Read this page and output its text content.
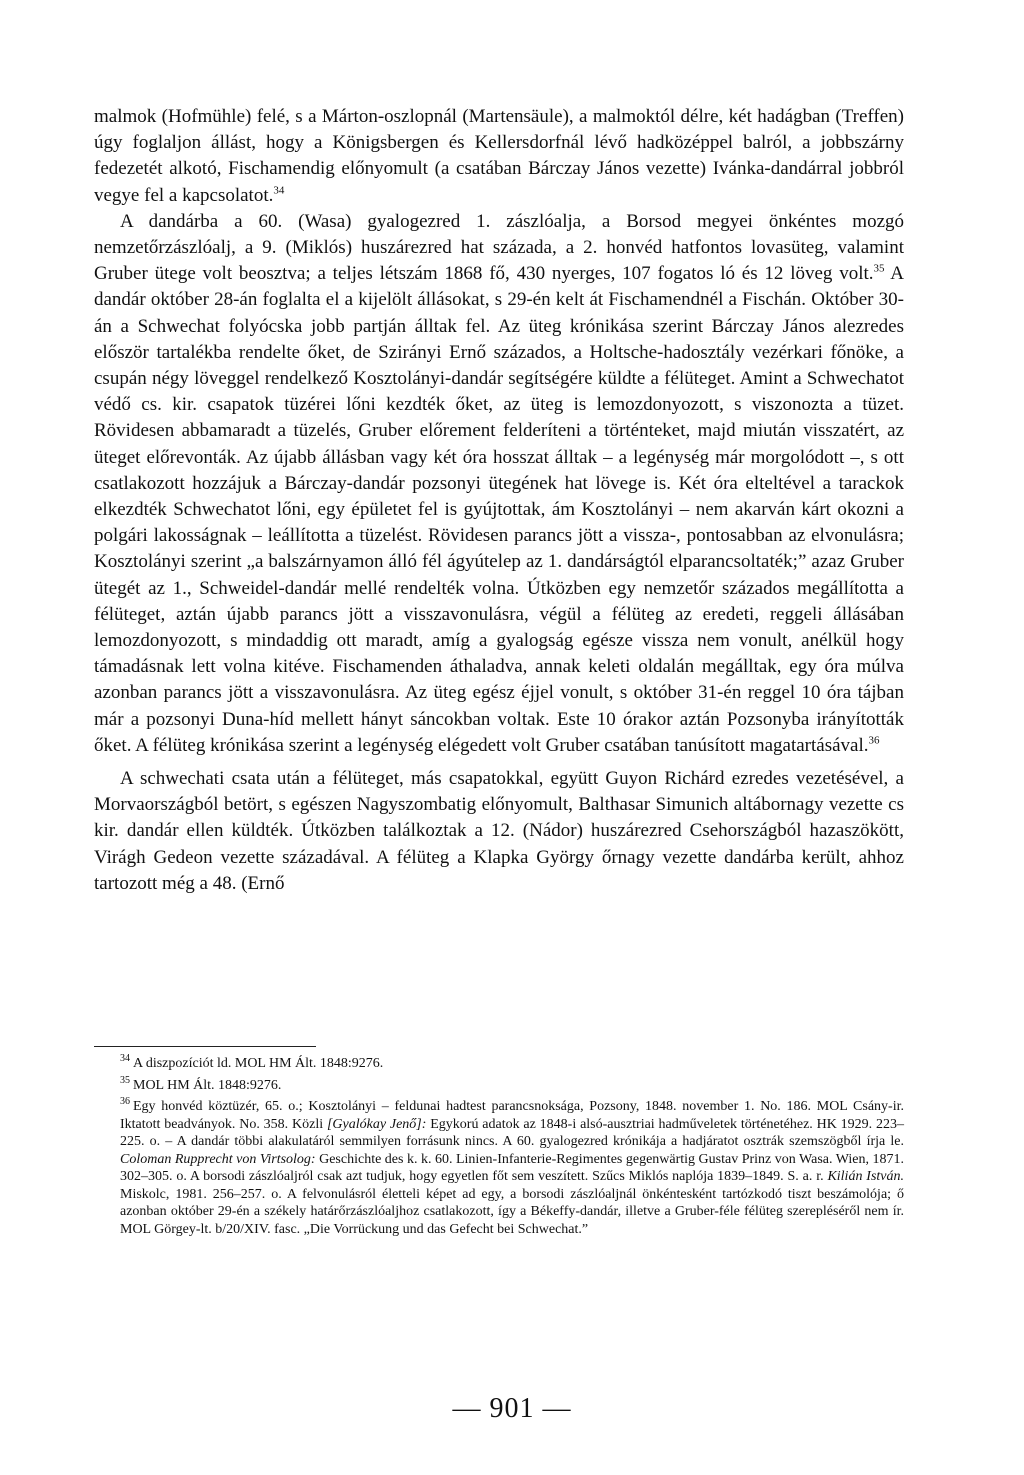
malmok (Hofmühle) felé, s a Márton-oszlopnál (Martensäule), a malmoktól délre, két hadágban (Treffen) úgy foglaljon állást, hogy a Königsbergen és Kellersdorfnál lévő hadközéppel balról, a jobbszárny fedezetét alkotó, Fischamendig előnyomult (a csatában Bárczay János vezette) Ivánka-dandárral jobbról vegye fel a kapcsolatot.$^{34}$

A dandárba a 60. (Wasa) gyalogezred 1. zászlóalja, a Borsod megyei önkéntes mozgó nemzetőrzászlóalj, a 9. (Miklós) huszárezred hat százada, a 2. honvéd hatfontos lovasüteg, valamint Gruber ütege volt beosztva; a teljes létszám 1868 fő, 430 nyerges, 107 fogatos ló és 12 löveg volt.$^{35}$ A dandár október 28-án foglalta el a kijelölt állásokat, s 29-én kelt át Fischamendnél a Fischán. Október 30-án a Schwechat folyócska jobb partján álltak fel. Az üteg krónikása szerint Bárczay János alezredes először tartalékba rendelte őket, de Szirányi Ernő százados, a Holtsche-hadosztály vezérkari főnöke, a csupán négy löveggel rendelkező Kosztolányi-dandár segítségére küldte a félüteget. Amint a Schwechatot védő cs. kir. csapatok tüzérei lőni kezdték őket, az üteg is lemozdonyozott, s viszonozta a tüzet. Rövidesen abbamaradt a tüzelés, Gruber előrement felderíteni a történteket, majd miután visszatért, az üteget előrevonták. Az újabb állásban vagy két óra hosszat álltak – a legénység már morgolódott –, s ott csatlakozott hozzájuk a Bárczay-dandár pozsonyi ütegének hat lövege is. Két óra elteltével a tarackok elkezdték Schwechatot lőni, egy épületet fel is gyújtottak, ám Kosztolányi – nem akarván kárt okozni a polgári lakosságnak – leállította a tüzelést. Rövidesen parancs jött a vissza-, pontosabban az elvonulásra; Kosztolányi szerint „a balszárnyamon álló fél ágyútelep az 1. dandárságtól elparancsoltaték;” azaz Gruber ütegét az 1., Schweidel-dandár mellé rendelték volna. Útközben egy nemzetőr százados megállította a félüteget, aztán újabb parancs jött a visszavonulásra, végül a félüteg az eredeti, reggeli állásában lemozdonyozott, s mindaddig ott maradt, amíg a gyalogság egésze vissza nem vonult, anélkül hogy támadásnak lett volna kitéve. Fischamenden áthaladva, annak keleti oldalán megálltak, egy óra múlva azonban parancs jött a visszavonulásra. Az üteg egész éjjel vonult, s október 31-én reggel 10 óra tájban már a pozsonyi Duna-híd mellett hányt sáncokban voltak. Este 10 órakor aztán Pozsonyba irányították őket. A félüteg krónikása szerint a legénység elégedett volt Gruber csatában tanúsított magatartásával.$^{36}$

A schwechati csata után a félüteget, más csapatokkal, együtt Guyon Richárd ezredes vezetésével, a Morvaországból betört, s egészen Nagyszombatig előnyomult, Balthasar Simunich altábornagy vezette cs kir. dandár ellen küldték. Útközben találkoztak a 12. (Nádor) huszárezred Csehországból hazaszökött, Virágh Gedeon vezette századával. A félüteg a Klapka György őrnagy vezette dandárba került, ahhoz tartozott még a 48. (Ernő

$^{34}$ A diszpozíciót ld. MOL HM Ált. 1848:9276.

$^{35}$ MOL HM Ált. 1848:9276.

$^{36}$ Egy honvéd köztüzér, 65. o.; Kosztolányi – feldunai hadtest parancsnoksága, Pozsony, 1848. november 1. No. 186. MOL Csány-ir. Iktatott beadványok. No. 358. Közli [Gyalókay Jenő]: Egykorú adatok az 1848-i alsó-ausztriai hadműveletek történetéhez. HK 1929. 223–225. o. – A dandár többi alakulatáról semmilyen forrásunk nincs. A 60. gyalogezred krónikája a hadjáratot osztrák szemszögből írja le. Coloman Rupprecht von Virtsolog: Geschichte des k. k. 60. Linien-Infanterie-Regimentes gegenwärtig Gustav Prinz von Wasa. Wien, 1871. 302–305. o. A borsodi zászlóaljról csak azt tudjuk, hogy egyetlen főt sem veszített. Szűcs Miklós naplója 1839–1849. S. a. r. Kilián István. Miskolc, 1981. 256–257. o. A felvonulásról életteli képet ad egy, a borsodi zászlóaljnál önkéntesként tartózkodó tiszt beszámolója; ő azonban október 29-én a székely határőrzászlóaljhoz csatlakozott, így a Békeffy-dandár, illetve a Gruber-féle félüteg szerepléséről nem ír. MOL Görgey-lt. b/20/XIV. fasc. „Die Vorrückung und das Gefecht bei Schwechat.”

— 901 —
